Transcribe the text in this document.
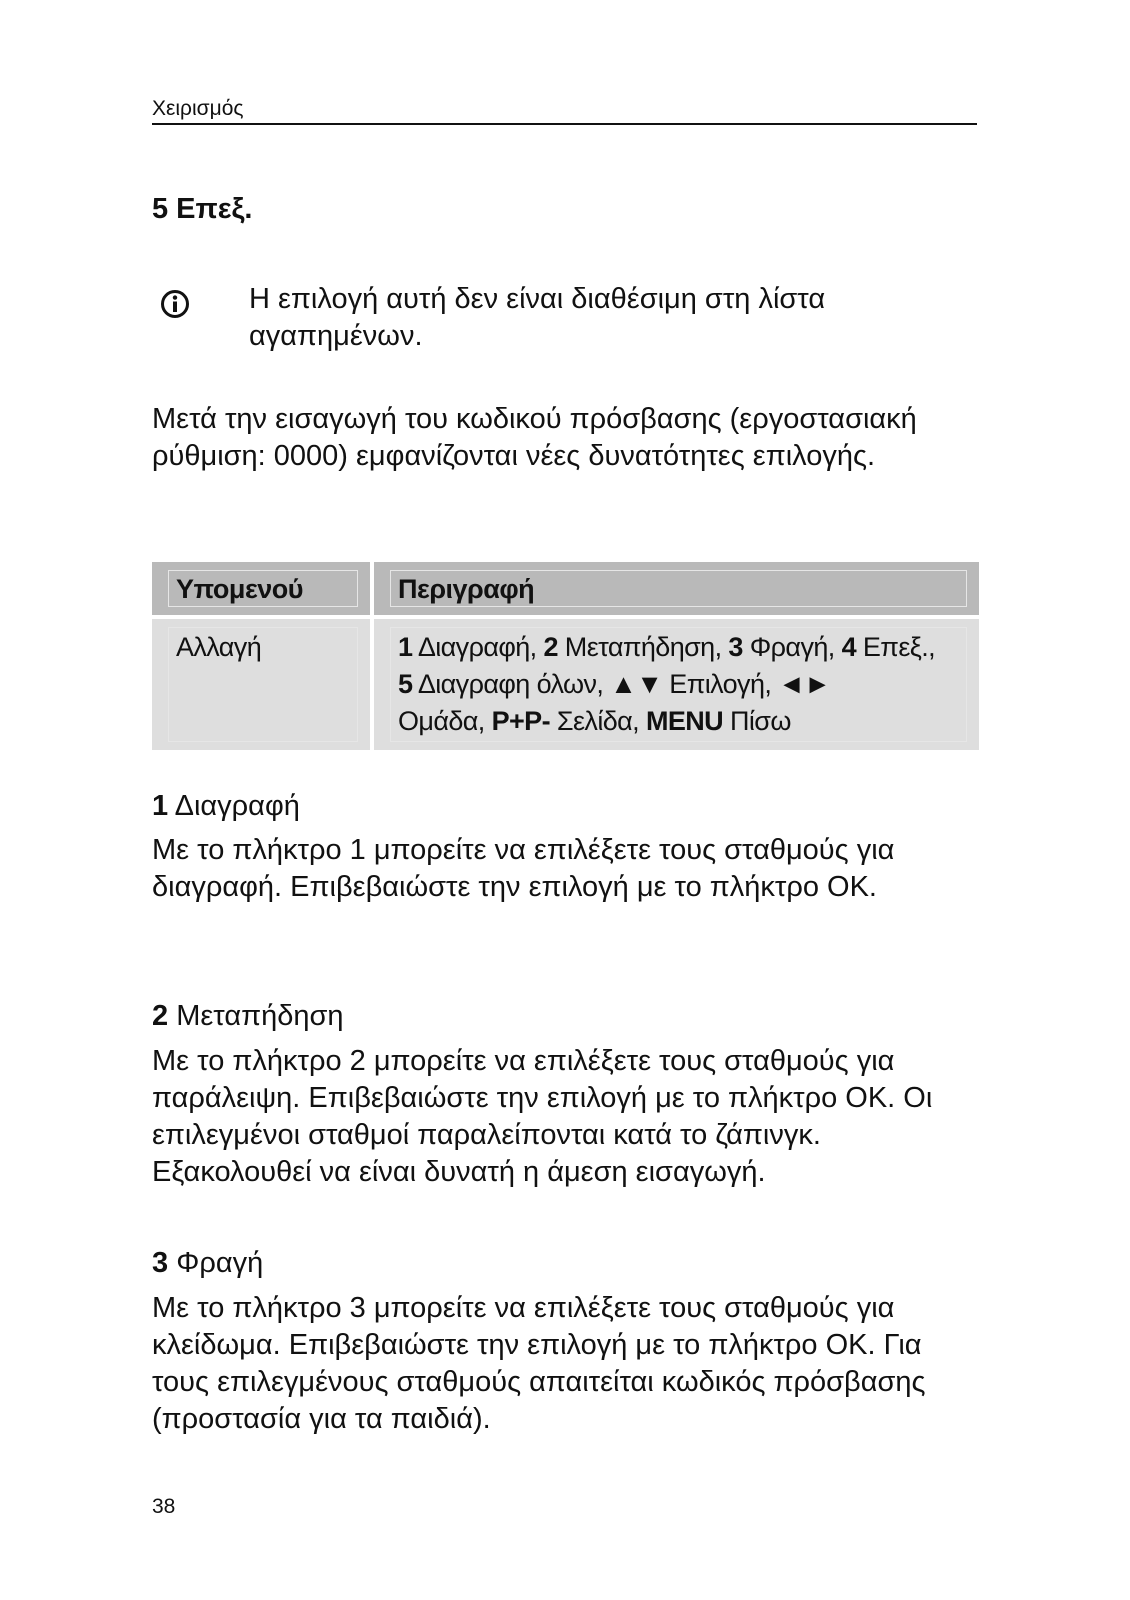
Χειρισμός
5 Επεξ.
Η επιλογή αυτή δεν είναι διαθέσιμη στη λίστα αγαπημένων.
Μετά την εισαγωγή του κωδικού πρόσβασης (εργοστασιακή ρύθμιση: 0000) εμφανίζονται νέες δυνατότητες επιλογής.
Υπομενού	Περιγραφή
Αλλαγή	1 Διαγραφή, 2 Μεταπήδηση, 3 Φραγή, 4 Επεξ.,
5 Διαγραφη όλων, ▲▼ Επιλογή, ◄►
Ομάδα, P+P- Σελίδα, MENU Πίσω
1 Διαγραφή
Με το πλήκτρο 1 μπορείτε να επιλέξετε τους σταθμούς για διαγραφή. Επιβεβαιώστε την επιλογή με το πλήκτρο OK.
2 Μεταπήδηση
Με το πλήκτρο 2 μπορείτε να επιλέξετε τους σταθμούς για παράλειψη. Επιβεβαιώστε την επιλογή με το πλήκτρο OK. Οι επιλεγμένοι σταθμοί παραλείπονται κατά το ζάπινγκ. Εξακολουθεί να είναι δυνατή η άμεση εισαγωγή.
3 Φραγή
Με το πλήκτρο 3 μπορείτε να επιλέξετε τους σταθμούς για κλείδωμα. Επιβεβαιώστε την επιλογή με το πλήκτρο OK. Για τους επιλεγμένους σταθμούς απαιτείται κωδικός πρόσβασης (προστασία για τα παιδιά).
38
